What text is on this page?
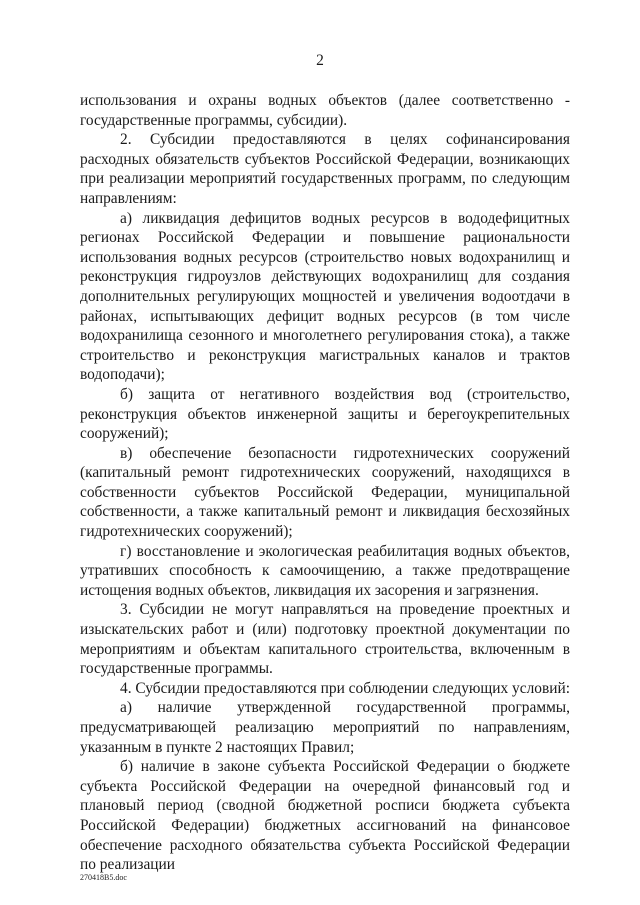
2

использования и охраны водных объектов (далее соответственно - государственные программы, субсидии).

2. Субсидии предоставляются в целях софинансирования расходных обязательств субъектов Российской Федерации, возникающих при реализации мероприятий государственных программ, по следующим направлениям:

а) ликвидация дефицитов водных ресурсов в вододефицитных регионах Российской Федерации и повышение рациональности использования водных ресурсов (строительство новых водохранилищ и реконструкция гидроузлов действующих водохранилищ для создания дополнительных регулирующих мощностей и увеличения водоотдачи в районах, испытывающих дефицит водных ресурсов (в том числе водохранилища сезонного и многолетнего регулирования стока), а также строительство и реконструкция магистральных каналов и трактов водоподачи);

б) защита от негативного воздействия вод (строительство, реконструкция объектов инженерной защиты и берегоукрепительных сооружений);

в) обеспечение безопасности гидротехнических сооружений (капитальный ремонт гидротехнических сооружений, находящихся в собственности субъектов Российской Федерации, муниципальной собственности, а также капитальный ремонт и ликвидация бесхозяйных гидротехнических сооружений);

г) восстановление и экологическая реабилитация водных объектов, утративших способность к самоочищению, а также предотвращение истощения водных объектов, ликвидация их засорения и загрязнения.

3. Субсидии не могут направляться на проведение проектных и изыскательских работ и (или) подготовку проектной документации по мероприятиям и объектам капитального строительства, включенным в государственные программы.

4. Субсидии предоставляются при соблюдении следующих условий:

а) наличие утвержденной государственной программы, предусматривающей реализацию мероприятий по направлениям, указанным в пункте 2 настоящих Правил;

б) наличие в законе субъекта Российской Федерации о бюджете субъекта Российской Федерации на очередной финансовый год и плановый период (сводной бюджетной росписи бюджета субъекта Российской Федерации) бюджетных ассигнований на финансовое обеспечение расходного обязательства субъекта Российской Федерации по реализации

270418B5.doc
